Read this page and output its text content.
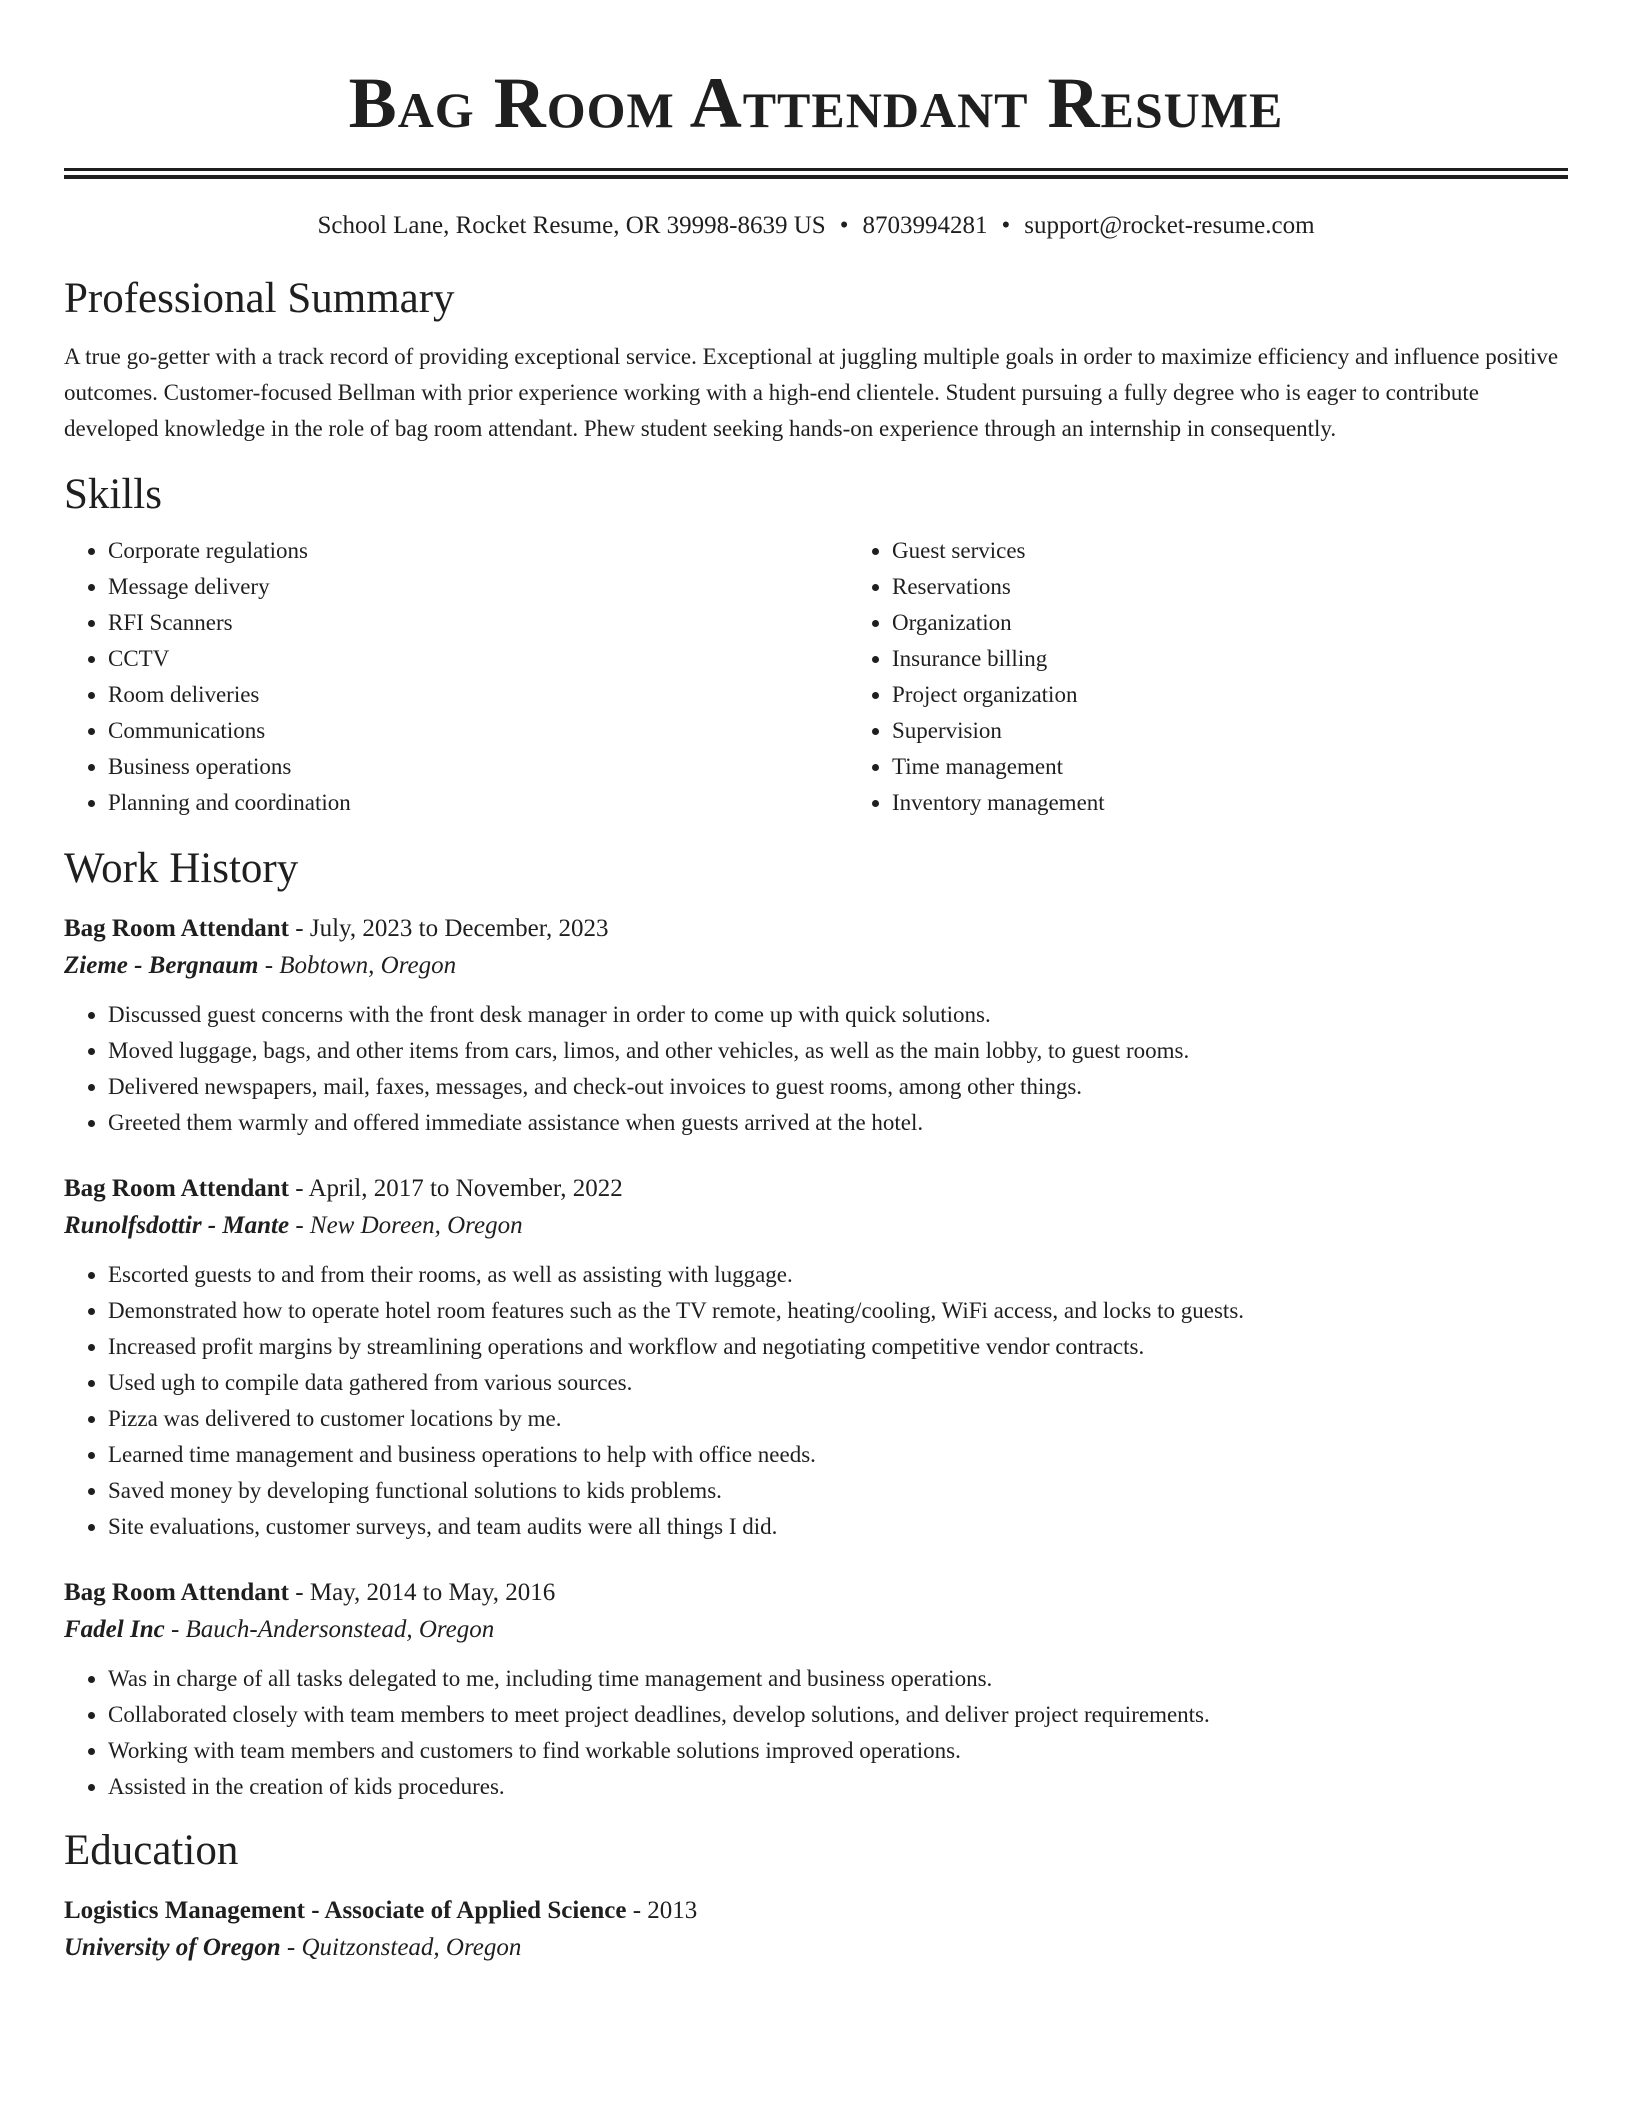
Bag Room Attendant Resume
School Lane, Rocket Resume, OR 39998-8639 US • 8703994281 • support@rocket-resume.com
Professional Summary

A true go-getter with a track record of providing exceptional service. Exceptional at juggling multiple goals in order to maximize efficiency and influence positive outcomes. Customer-focused Bellman with prior experience working with a high-end clientele. Student pursuing a fully degree who is eager to contribute developed knowledge in the role of bag room attendant. Phew student seeking hands-on experience through an internship in consequently.

Skills
• Corporate regulations
• Message delivery
• RFI Scanners
• CCTV
• Room deliveries
• Communications
• Business operations
• Planning and coordination
• Guest services
• Reservations
• Organization
• Insurance billing
• Project organization
• Supervision
• Time management
• Inventory management
Work History

Bag Room Attendant - July, 2023 to December, 2023

Zieme - Bergnaum - Bobtown, Oregon

• Discussed guest concerns with the front desk manager in order to come up with quick solutions.
• Moved luggage, bags, and other items from cars, limos, and other vehicles, as well as the main lobby, to guest rooms.
• Delivered newspapers, mail, faxes, messages, and check-out invoices to guest rooms, among other things.
• Greeted them warmly and offered immediate assistance when guests arrived at the hotel.

Bag Room Attendant - April, 2017 to November, 2022

Runolfsdottir - Mante - New Doreen, Oregon

• Escorted guests to and from their rooms, as well as assisting with luggage.
• Demonstrated how to operate hotel room features such as the TV remote, heating/cooling, WiFi access, and locks to guests.
• Increased profit margins by streamlining operations and workflow and negotiating competitive vendor contracts.
• Used ugh to compile data gathered from various sources.
• Pizza was delivered to customer locations by me.
• Learned time management and business operations to help with office needs.
• Saved money by developing functional solutions to kids problems.
• Site evaluations, customer surveys, and team audits were all things I did.

Bag Room Attendant - May, 2014 to May, 2016

Fadel Inc - Bauch-Andersonstead, Oregon

• Was in charge of all tasks delegated to me, including time management and business operations.
• Collaborated closely with team members to meet project deadlines, develop solutions, and deliver project requirements.
• Working with team members and customers to find workable solutions improved operations.
• Assisted in the creation of kids procedures.
Education

Logistics Management - Associate of Applied Science - 2013

University of Oregon - Quitzonstead, Oregon
